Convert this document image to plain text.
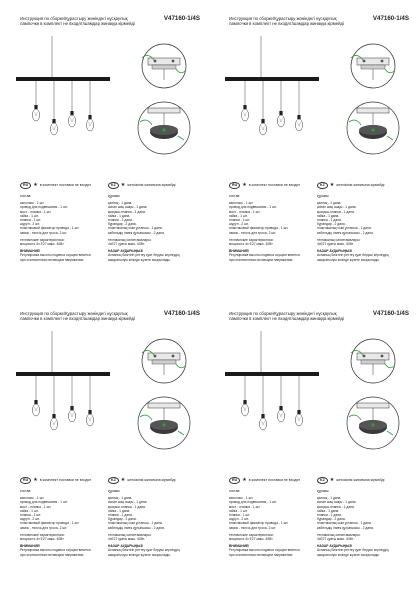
Инструкция по сборке/Құрастыру жөніндегі нұсқаулық
лампочки в комплект не входят/шамдар жинаққа кірмейді
V47160-1/4S
RU	★ в комплект поставки не входят	KZ	★ жеткізілім жинағына кірмейді
состав:
каполасс - 1 шт.
провод для подвешания - 1 шт.
мост - планка - 1 шт.
гайка - 1 шт.
планка - 1 шт.
шуруп - 2 шт.
пластиковый фиксатор провода - 1 шт.
замок - тягочь для троса- 2 шт.
технические характеристики:
мощность 4х E27 макс. 40Вт
ВНИМАНИЕ!
Регулировка высоты подвеса осуществляется
при отключенном питающем напряжении.
құрамы:
қалпақ - 1 дана.
аспап шаң ашқы - 1 дана.
қысқыш-планка - 1 дана.
гайка - 1 дана.
планка - 1 дана.
бұрандар - 2 дана.
пластикалық сым ұстағыш - 1 дана.
кабельдің ілмек құлыпшасы - 2 дана.
техникалық сипаттамалары:
4хЕ27 қуаты макс. 40Вт.
НАЗАР АУДАРЫҢЫЗ!
Аспаның биіктігін реттеу қуат беруші кернеудің
ажыратылуы кезінде жүзеге асырылады.
Инструкция по сборке/Құрастыру жөніндегі нұсқаулық
лампочки в комплект не входят/шамдар жинаққа кірмейді
V47160-1/4S
RU	★ в комплект поставки не входят	KZ	★ жеткізілім жинағына кірмейді
состав:
каполасс - 1 шт.
провод для подвешания - 1 шт.
мост - планка - 1 шт.
гайка - 1 шт.
планка - 1 шт.
шуруп - 2 шт.
пластиковый фиксатор провода - 1 шт.
замок - тягочь для троса- 2 шт.
технические характеристики:
мощность 4х E27 макс. 40Вт
ВНИМАНИЕ!
Регулировка высоты подвеса осуществляется
при отключенном питающем напряжении.
құрамы:
қалпақ - 1 дана.
аспап шаң ашқы - 1 дана.
қысқыш-планка - 1 дана.
гайка - 1 дана.
планка - 1 дана.
бұрандар - 2 дана.
пластикалық сым ұстағыш - 1 дана.
кабельдің ілмек құлыпшасы - 2 дана.
техникалық сипаттамалары:
4хЕ27 қуаты макс. 40Вт.
НАЗАР АУДАРЫҢЫЗ!
Аспаның биіктігін реттеу қуат беруші кернеудің
ажыратылуы кезінде жүзеге асырылады.
Инструкция по сборке/Құрастыру жөніндегі нұсқаулық
лампочки в комплект не входят/шамдар жинаққа кірмейді
V47160-1/4S
RU	★ в комплект поставки не входят	KZ	★ жеткізілім жинағына кірмейді
состав:
каполасс - 1 шт.
провод для подвешания - 1 шт.
мост - планка - 1 шт.
гайка - 1 шт.
планка - 1 шт.
шуруп - 2 шт.
пластиковый фиксатор провода - 1 шт.
замок - тягочь для троса- 2 шт.
технические характеристики:
мощность 4х E27 макс. 40Вт
ВНИМАНИЕ!
Регулировка высоты подвеса осуществляется
при отключенном питающем напряжении.
құрамы:
қалпақ - 1 дана.
аспап шаң ашқы - 1 дана.
қысқыш-планка - 1 дана.
гайка - 1 дана.
планка - 1 дана.
бұрандар - 2 дана.
пластикалық сым ұстағыш - 1 дана.
кабельдің ілмек құлыпшасы - 2 дана.
техникалық сипаттамалары:
4хЕ27 қуаты макс. 40Вт.
НАЗАР АУДАРЫҢЫЗ!
Аспаның биіктігін реттеу қуат беруші кернеудің
ажыратылуы кезінде жүзеге асырылады.
Инструкция по сборке/Құрастыру жөніндегі нұсқаулық
лампочки в комплект не входят/шамдар жинаққа кірмейді
V47160-1/4S
RU	★ в комплект поставки не входят	KZ	★ жеткізілім жинағына кірмейді
состав:
каполасс - 1 шт.
провод для подвешания - 1 шт.
мост - планка - 1 шт.
гайка - 1 шт.
планка - 1 шт.
шуруп - 2 шт.
пластиковый фиксатор провода - 1 шт.
замок - тягочь для троса- 2 шт.
технические характеристики:
мощность 4х E27 макс. 40Вт
ВНИМАНИЕ!
Регулировка высоты подвеса осуществляется
при отключенном питающем напряжении.
құрамы:
қалпақ - 1 дана.
аспап шаң ашқы - 1 дана.
қысқыш-планка - 1 дана.
гайка - 1 дана.
планка - 1 дана.
бұрандар - 2 дана.
пластикалық сым ұстағыш - 1 дана.
кабельдің ілмек құлыпшасы - 2 дана.
техникалық сипаттамалары:
4хЕ27 қуаты макс. 40Вт.
НАЗАР АУДАРЫҢЫЗ!
Аспаның биіктігін реттеу қуат беруші кернеудің
ажыратылуы кезінде жүзеге асырылады.
